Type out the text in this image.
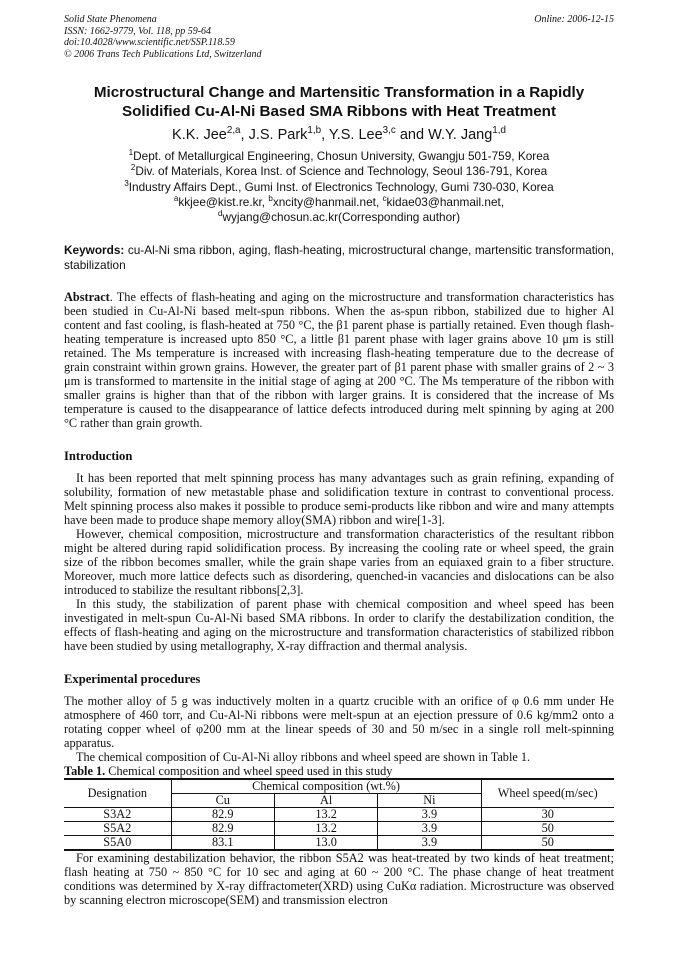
Solid State Phenomena
ISSN: 1662-9779, Vol. 118, pp 59-64
doi:10.4028/www.scientific.net/SSP.118.59
© 2006 Trans Tech Publications Ltd, Switzerland
Online: 2006-12-15
Microstructural Change and Martensitic Transformation in a Rapidly
Solidified Cu-Al-Ni Based SMA Ribbons with Heat Treatment
K.K. Jee$^{2,a}$, J.S. Park$^{1,b}$, Y.S. Lee$^{3,c}$ and W.Y. Jang$^{1,d}$
$^1$Dept. of Metallurgical Engineering, Chosun University, Gwangju 501-759, Korea
$^2$Div. of Materials, Korea Inst. of Science and Technology, Seoul 136-791, Korea
$^3$Industry Affairs Dept., Gumi Inst. of Electronics Technology, Gumi 730-030, Korea
$^a$kkjee@kist.re.kr, $^b$xncity@hanmail.net, $^c$kidae03@hanmail.net,
$^d$wyjang@chosun.ac.kr(Corresponding author)
Keywords: cu-Al-Ni sma ribbon, aging, flash-heating, microstructural change, martensitic transformation, stabilization

Abstract. The effects of flash-heating and aging on the microstructure and transformation characteristics has been studied in Cu-Al-Ni based melt-spun ribbons. When the as-spun ribbon, stabilized due to higher Al content and fast cooling, is flash-heated at 750 °C, the β1 parent phase is partially retained. Even though flash-heating temperature is increased upto 850 °C, a little β1 parent phase with lager grains above 10 μm is still retained. The Ms temperature is increased with increasing flash-heating temperature due to the decrease of grain constraint within grown grains. However, the greater part of β1 parent phase with smaller grains of 2 ~ 3 μm is transformed to martensite in the initial stage of aging at 200 °C. The Ms temperature of the ribbon with smaller grains is higher than that of the ribbon with larger grains. It is considered that the increase of Ms temperature is caused to the disappearance of lattice defects introduced during melt spinning by aging at 200 °C rather than grain growth.

Introduction

It has been reported that melt spinning process has many advantages such as grain refining, expanding of solubility, formation of new metastable phase and solidification texture in contrast to conventional process. Melt spinning process also makes it possible to produce semi-products like ribbon and wire and many attempts have been made to produce shape memory alloy(SMA) ribbon and wire[1-3].

However, chemical composition, microstructure and transformation characteristics of the resultant ribbon might be altered during rapid solidification process. By increasing the cooling rate or wheel speed, the grain size of the ribbon becomes smaller, while the grain shape varies from an equiaxed grain to a fiber structure. Moreover, much more lattice defects such as disordering, quenched-in vacancies and dislocations can be also introduced to stabilize the resultant ribbons[2,3].

In this study, the stabilization of parent phase with chemical composition and wheel speed has been investigated in melt-spun Cu-Al-Ni based SMA ribbons. In order to clarify the destabilization condition, the effects of flash-heating and aging on the microstructure and transformation characteristics of stabilized ribbon have been studied by using metallography, X-ray diffraction and thermal analysis.

Experimental procedures

The mother alloy of 5 g was inductively molten in a quartz crucible with an orifice of φ 0.6 mm under He atmosphere of 460 torr, and Cu-Al-Ni ribbons were melt-spun at an ejection pressure of 0.6 kg/mm2 onto a rotating copper wheel of φ200 mm at the linear speeds of 30 and 50 m/sec in a single roll melt-spinning apparatus.

The chemical composition of Cu-Al-Ni alloy ribbons and wheel speed are shown in Table 1.

Table 1. Chemical composition and wheel speed used in this study
Designation	Chemical composition (wt.%)			Wheel speed(m/sec)
	Cu	Al	Ni	
S3A2	82.9	13.2	3.9	30
S5A2	82.9	13.2	3.9	50
S5A0	83.1	13.0	3.9	50

For examining destabilization behavior, the ribbon S5A2 was heat-treated by two kinds of heat treatment; flash heating at 750 ~ 850 °C for 10 sec and aging at 60 ~ 200 °C. The phase change of heat treatment conditions was determined by X-ray diffractometer(XRD) using CuKα radiation. Microstructure was observed by scanning electron microscope(SEM) and transmission electron
